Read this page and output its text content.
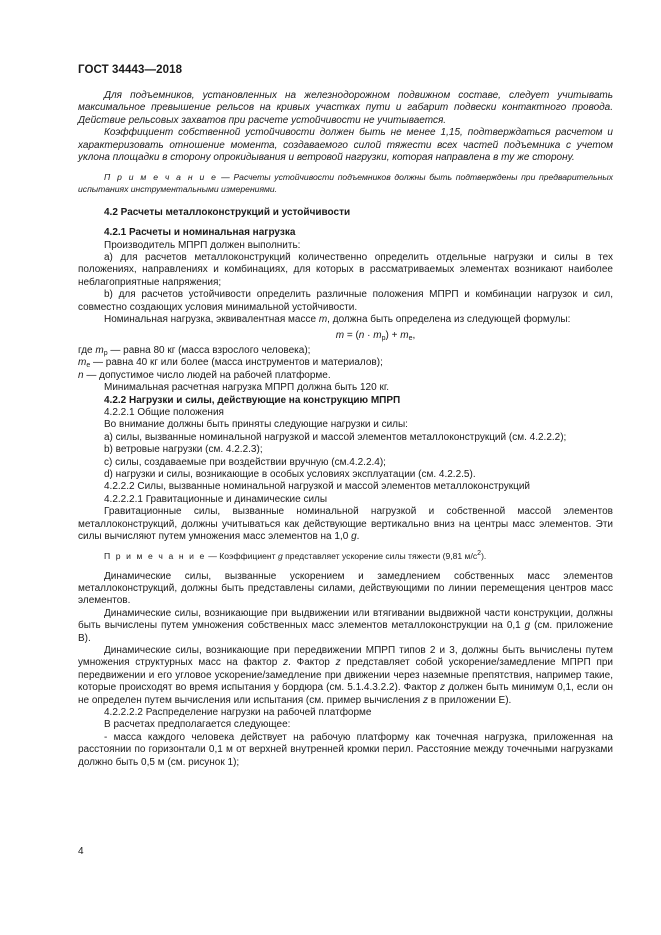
ГОСТ 34443—2018

Для подъемников, установленных на железнодорожном подвижном составе, следует учитывать максимальное превышение рельсов на кривых участках пути и габарит подвески контактного провода. Действие рельсовых захватов при расчете устойчивости не учитывается.

Коэффициент собственной устойчивости должен быть не менее 1,15, подтверждаться расчетом и характеризовать отношение момента, создаваемого силой тяжести всех частей подъемника с учетом уклона площадки в сторону опрокидывания и ветровой нагрузки, которая направлена в ту же сторону.

П р и м е ч а н и е — Расчеты устойчивости подъемников должны быть подтверждены при предварительных испытаниях инструментальными измерениями.

4.2 Расчеты металлоконструкций и устойчивости

4.2.1 Расчеты и номинальная нагрузка

Производитель МПРП должен выполнить:

а) для расчетов металлоконструкций количественно определить отдельные нагрузки и силы в тех положениях, направлениях и комбинациях, для которых в рассматриваемых элементах возникают наиболее неблагоприятные напряжения;

b) для расчетов устойчивости определить различные положения МПРП и комбинации нагрузок и сил, совместно создающих условия минимальной устойчивости.

Номинальная нагрузка, эквивалентная массе m, должна быть определена из следующей формулы:

$m = (n \cdot m_p) + m_e$,

где $m_p$ — равна 80 кг (масса взрослого человека);

$m_e$ — равна 40 кг или более (масса инструментов и материалов);

n — допустимое число людей на рабочей платформе.

Минимальная расчетная нагрузка МПРП должна быть 120 кг.

4.2.2 Нагрузки и силы, действующие на конструкцию МПРП

4.2.2.1 Общие положения

Во внимание должны быть приняты следующие нагрузки и силы:

а) силы, вызванные номинальной нагрузкой и массой элементов металлоконструкций (см. 4.2.2.2);

b) ветровые нагрузки (см. 4.2.2.3);

с) силы, создаваемые при воздействии вручную (см.4.2.2.4);

d) нагрузки и силы, возникающие в особых условиях эксплуатации (см. 4.2.2.5).

4.2.2.2 Силы, вызванные номинальной нагрузкой и массой элементов металлоконструкций

4.2.2.2.1 Гравитационные и динамические силы

Гравитационные силы, вызванные номинальной нагрузкой и собственной массой элементов металлоконструкций, должны учитываться как действующие вертикально вниз на центры масс элементов. Эти силы вычисляют путем умножения масс элементов на 1,0 g.

П р и м е ч а н и е — Коэффициент g представляет ускорение силы тяжести (9,81 $м/с^2$).

Динамические силы, вызванные ускорением и замедлением собственных масс элементов металлоконструкций, должны быть представлены силами, действующими по линии перемещения центров масс элементов.

Динамические силы, возникающие при выдвижении или втягивании выдвижной части конструкции, должны быть вычислены путем умножения собственных масс элементов металлоконструкции на 0,1 g (см. приложение В).

Динамические силы, возникающие при передвижении МПРП типов 2 и 3, должны быть вычислены путем умножения структурных масс на фактор z. Фактор z представляет собой ускорение/замедление МПРП при передвижении и его угловое ускорение/замедление при движении через наземные препятствия, например такие, которые происходят во время испытания у бордюра (см. 5.1.4.3.2.2). Фактор z должен быть минимум 0,1, если он не определен путем вычисления или испытания (см. пример вычисления z в приложении Е).

4.2.2.2.2 Распределение нагрузки на рабочей платформе

В расчетах предполагается следующее:

- масса каждого человека действует на рабочую платформу как точечная нагрузка, приложенная на расстоянии по горизонтали 0,1 м от верхней внутренней кромки перил. Расстояние между точечными нагрузками должно быть 0,5 м (см. рисунок 1);

4
